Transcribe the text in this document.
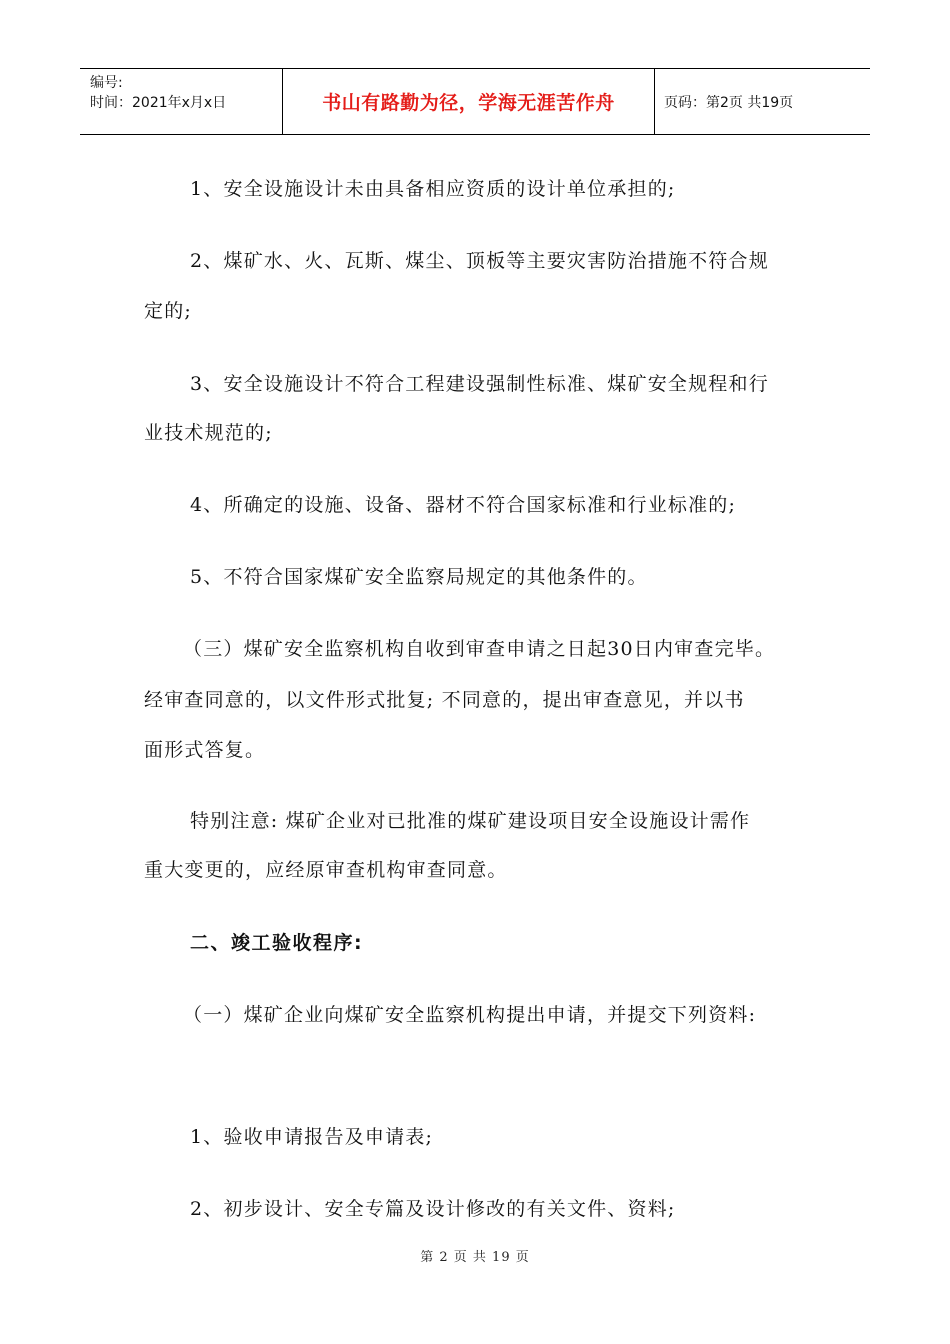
编号:
时间：2021年x月x日	书山有路勤为径，学海无涯苦作舟	页码：第2页 共19页
1、安全设施设计未由具备相应资质的设计单位承担的;
2、煤矿水、火、瓦斯、煤尘、顶板等主要灾害防治措施不符合规
定的;
3、安全设施设计不符合工程建设强制性标准、煤矿安全规程和行
业技术规范的;
4、所确定的设施、设备、器材不符合国家标准和行业标准的;
5、不符合国家煤矿安全监察局规定的其他条件的。
（三）煤矿安全监察机构自收到审查申请之日起30日内审查完毕。
经审查同意的，以文件形式批复; 不同意的，提出审查意见，并以书
面形式答复。
特别注意: 煤矿企业对已批准的煤矿建设项目安全设施设计需作
重大变更的，应经原审查机构审查同意。
二、竣工验收程序:
（一）煤矿企业向煤矿安全监察机构提出申请，并提交下列资料:
1、验收申请报告及申请表;
2、初步设计、安全专篇及设计修改的有关文件、资料;
第 2 页 共 19 页
